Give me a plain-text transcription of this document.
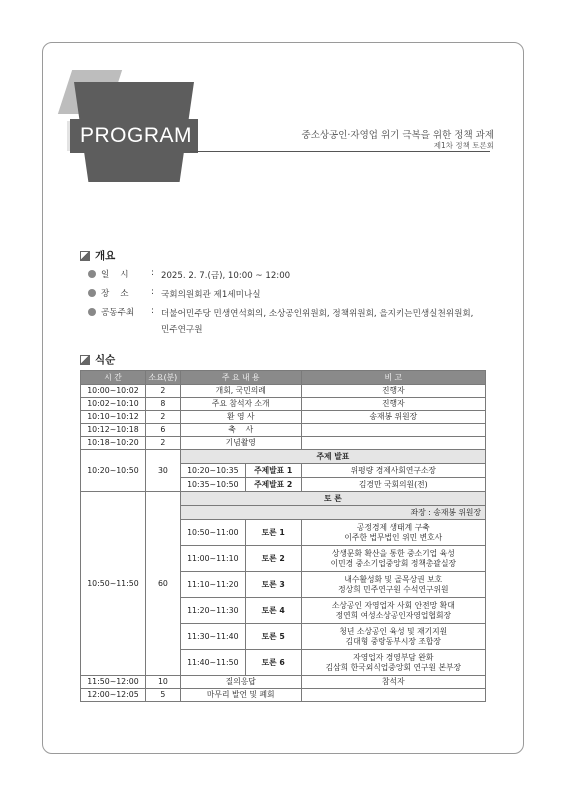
PROGRAM	중소상공인·자영업 위기 극복을 위한 정책 과제
제1차 정책 토론회
개요
일    시	: 2025. 2. 7.(금), 10:00 ~ 12:00
장    소	: 국회의원회관 제1세미나실
공동주최	: 더불어민주당 민생연석회의, 소상공인위원회, 정책위원회, 을지키는민생실천위원회,
민주연구원
식순
시 간	소요(분)	주 요 내 용		비 고
10:00~10:02	2	개회, 국민의례		진행자
10:02~10:10	8	주요 참석자 소개		진행자
10:10~10:12	2	환 영 사		송재봉 위원장
10:12~10:18	6	축    사		
10:18~10:20	2	기념촬영		
10:20~10:50	30	주제 발표		
		10:20~10:35	주제발표 1	위평량 경제사회연구소장
		10:35~10:50	주제발표 2	김경만 국회의원(전)
10:50~11:50	60	토 론		
		좌장 : 송재봉 위원장		
		10:50~11:00	토론 1	공정경제 생태계 구축
이주한 법무법인 위민 변호사
		11:00~11:10	토론 2	상생문화 확산을 통한 중소기업 육성
이민경 중소기업중앙회 정책총괄실장
		11:10~11:20	토론 3	내수활성화 및 골목상권 보호
정상희 민주연구원 수석연구위원
		11:20~11:30	토론 4	소상공인 자영업자 사회 안전망 확대
정연희 여성소상공인자영업협회장
		11:30~11:40	토론 5	청년 소상공인 육성 및 재기지원
김대형 중랑동부시장 조합장
		11:40~11:50	토론 6	자영업자 경영부담 완화
김삼희 한국외식업중앙회 연구원 본부장
11:50~12:00	10	질의응답		참석자
12:00~12:05	5	마무리 발언 및 폐회		
